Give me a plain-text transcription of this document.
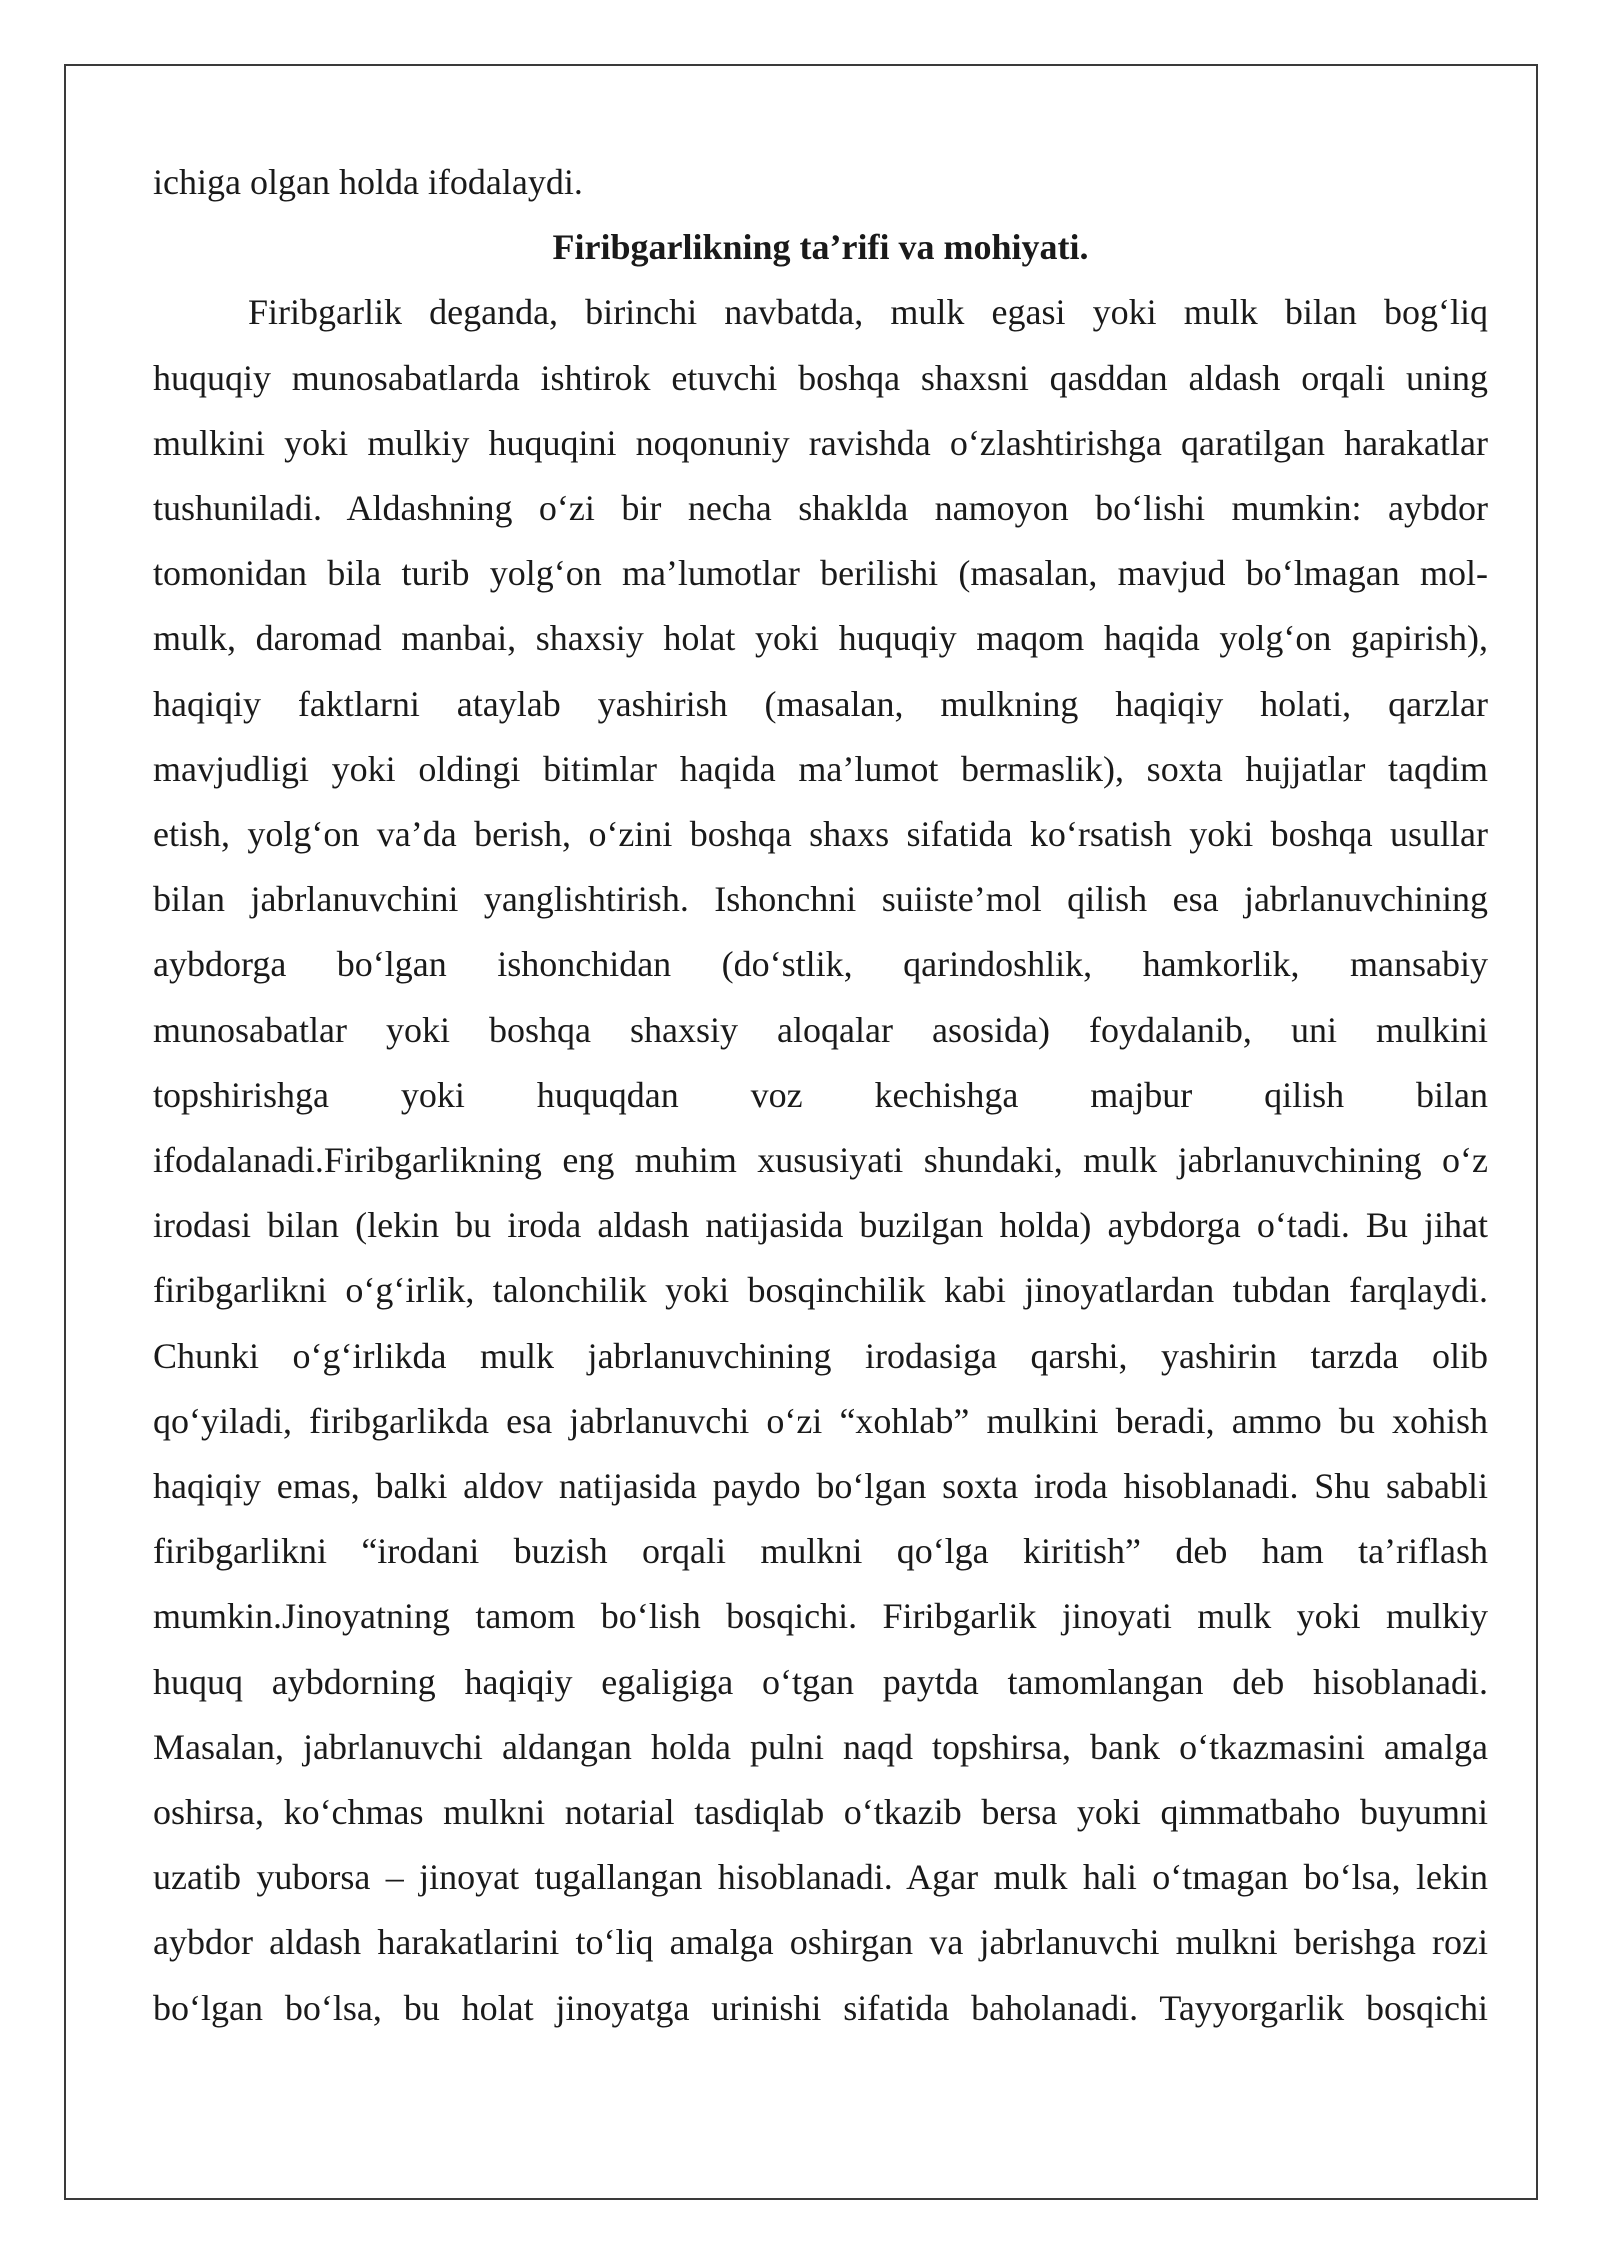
ichiga olgan holda ifodalaydi.
Firibgarlikning ta’rifi va mohiyati.
Firibgarlik deganda, birinchi navbatda, mulk egasi yoki mulk bilan bog‘liq
huquqiy munosabatlarda ishtirok etuvchi boshqa shaxsni qasddan aldash orqali uning
mulkini yoki mulkiy huquqini noqonuniy ravishda o‘zlashtirishga qaratilgan harakatlar
tushuniladi. Aldashning o‘zi bir necha shaklda namoyon bo‘lishi mumkin: aybdor
tomonidan bila turib yolg‘on ma’lumotlar berilishi (masalan, mavjud bo‘lmagan mol-
mulk, daromad manbai, shaxsiy holat yoki huquqiy maqom haqida yolg‘on gapirish),
haqiqiy faktlarni ataylab yashirish (masalan, mulkning haqiqiy holati, qarzlar
mavjudligi yoki oldingi bitimlar haqida ma’lumot bermaslik), soxta hujjatlar taqdim
etish, yolg‘on va’da berish, o‘zini boshqa shaxs sifatida ko‘rsatish yoki boshqa usullar
bilan jabrlanuvchini yanglishtirish. Ishonchni suiiste’mol qilish esa jabrlanuvchining
aybdorga bo‘lgan ishonchidan (do‘stlik, qarindoshlik, hamkorlik, mansabiy
munosabatlar yoki boshqa shaxsiy aloqalar asosida) foydalanib, uni mulkini
topshirishga yoki huquqdan voz kechishga majbur qilish bilan
ifodalanadi.Firibgarlikning eng muhim xususiyati shundaki, mulk jabrlanuvchining o‘z
irodasi bilan (lekin bu iroda aldash natijasida buzilgan holda) aybdorga o‘tadi. Bu jihat
firibgarlikni o‘g‘irlik, talonchilik yoki bosqinchilik kabi jinoyatlardan tubdan farqlaydi.
Chunki o‘g‘irlikda mulk jabrlanuvchining irodasiga qarshi, yashirin tarzda olib
qo‘yiladi, firibgarlikda esa jabrlanuvchi o‘zi “xohlab” mulkini beradi, ammo bu xohish
haqiqiy emas, balki aldov natijasida paydo bo‘lgan soxta iroda hisoblanadi. Shu sababli
firibgarlikni “irodani buzish orqali mulkni qo‘lga kiritish” deb ham ta’riflash
mumkin.Jinoyatning tamom bo‘lish bosqichi. Firibgarlik jinoyati mulk yoki mulkiy
huquq aybdorning haqiqiy egaligiga o‘tgan paytda tamomlangan deb hisoblanadi.
Masalan, jabrlanuvchi aldangan holda pulni naqd topshirsa, bank o‘tkazmasini amalga
oshirsa, ko‘chmas mulkni notarial tasdiqlab o‘tkazib bersa yoki qimmatbaho buyumni
uzatib yuborsa – jinoyat tugallangan hisoblanadi. Agar mulk hali o‘tmagan bo‘lsa, lekin
aybdor aldash harakatlarini to‘liq amalga oshirgan va jabrlanuvchi mulkni berishga rozi
bo‘lgan bo‘lsa, bu holat jinoyatga urinishi sifatida baholanadi. Tayyorgarlik bosqichi
